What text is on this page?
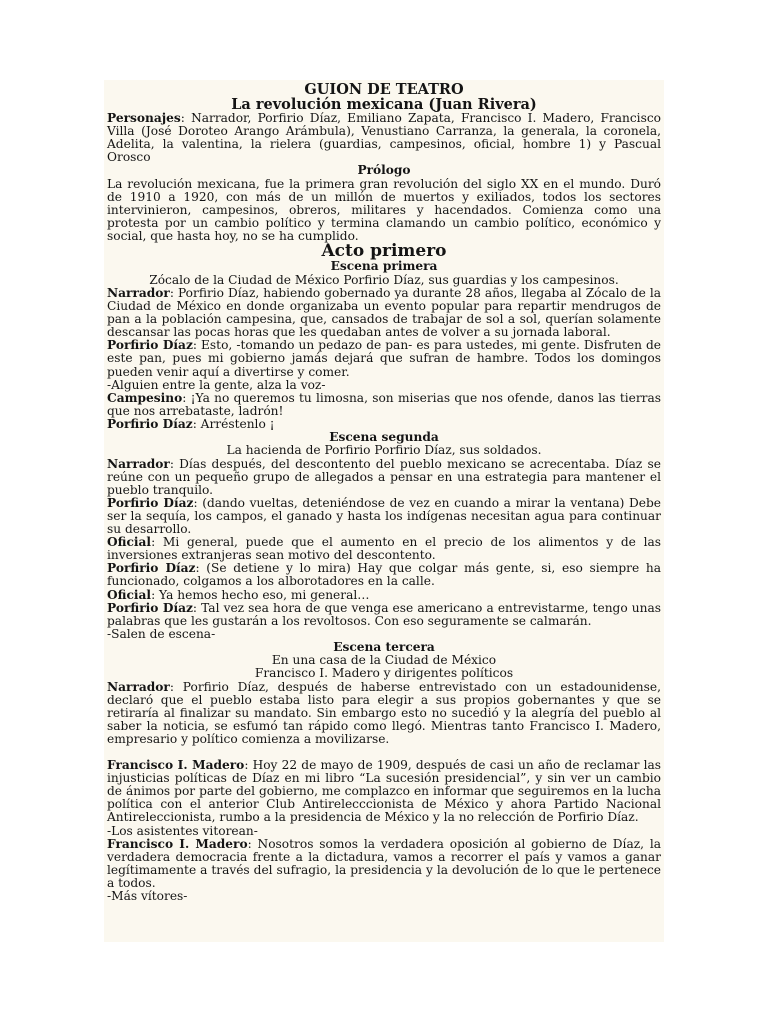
GUION DE TEATRO

La revolución mexicana (Juan Rivera)

Personajes: Narrador, Porfirio Díaz, Emiliano Zapata, Francisco I. Madero, Francisco Villa (José Doroteo Arango Arámbula), Venustiano Carranza, la generala, la coronela, Adelita, la valentina, la rielera (guardias, campesinos, oficial, hombre 1) y Pascual Orosco

Prólogo

La revolución mexicana, fue la primera gran revolución del siglo XX en el mundo. Duró de 1910 a 1920, con más de un millón de muertos y exiliados, todos los sectores intervinieron, campesinos, obreros, militares y hacendados. Comienza como una protesta por un cambio político y termina clamando un cambio político, económico y social, que hasta hoy, no se ha cumplido.

Acto primero

Escena primera

Zócalo de la Ciudad de México Porfirio Díaz, sus guardias y los campesinos.

Narrador: Porfirio Díaz, habiendo gobernado ya durante 28 años, llegaba al Zócalo de la Ciudad de México en donde organizaba un evento popular para repartir mendrugos de pan a la población campesina, que, cansados de trabajar de sol a sol, querían solamente descansar las pocas horas que les quedaban antes de volver a su jornada laboral.

Porfirio Díaz: Esto, -tomando un pedazo de pan- es para ustedes, mi gente. Disfruten de este pan, pues mi gobierno jamás dejará que sufran de hambre. Todos los domingos pueden venir aquí a divertirse y comer.

-Alguien entre la gente, alza la voz-

Campesino: ¡Ya no queremos tu limosna, son miserias que nos ofende, danos las tierras que nos arrebataste, ladrón!

Porfirio Díaz: Arréstenlo ¡

Escena segunda

La hacienda de Porfirio Porfirio Díaz, sus soldados.

Narrador: Días después, del descontento del pueblo mexicano se acrecentaba. Díaz se reúne con un pequeño grupo de allegados a pensar en una estrategia para mantener el pueblo tranquilo.

Porfirio Díaz: (dando vueltas, deteniéndose de vez en cuando a mirar la ventana) Debe ser la sequía, los campos, el ganado y hasta los indígenas necesitan agua para continuar su desarrollo.

Oficial: Mi general, puede que el aumento en el precio de los alimentos y de las inversiones extranjeras sean motivo del descontento.

Porfirio Díaz: (Se detiene y lo mira) Hay que colgar más gente, si, eso siempre ha funcionado, colgamos a los alborotadores en la calle.

Oficial: Ya hemos hecho eso, mi general…

Porfirio Díaz: Tal vez sea hora de que venga ese americano a entrevistarme, tengo unas palabras que les gustarán a los revoltosos. Con eso seguramente se calmarán.

-Salen de escena-

Escena tercera

En una casa de la Ciudad de México

Francisco I. Madero y dirigentes políticos

Narrador: Porfirio Díaz, después de haberse entrevistado con un estadounidense, declaró que el pueblo estaba listo para elegir a sus propios gobernantes y que se retiraría al finalizar su mandato. Sin embargo esto no sucedió y la alegría del pueblo al saber la noticia, se esfumó tan rápido como llegó. Mientras tanto Francisco I. Madero, empresario y político comienza a movilizarse.

Francisco I. Madero: Hoy 22 de mayo de 1909, después de casi un año de reclamar las injusticias políticas de Díaz en mi libro “La sucesión presidencial”, y sin ver un cambio de ánimos por parte del gobierno, me complazco en informar que seguiremos en la lucha política con el anterior Club Antirelecccionista de México y ahora Partido Nacional Antireleccionista, rumbo a la presidencia de México y la no relección de Porfirio Díaz.

-Los asistentes vitorean-

Francisco I. Madero: Nosotros somos la verdadera oposición al gobierno de Díaz, la verdadera democracia frente a la dictadura, vamos a recorrer el país y vamos a ganar legítimamente a través del sufragio, la presidencia y la devolución de lo que le pertenece a todos.

-Más vítores-
